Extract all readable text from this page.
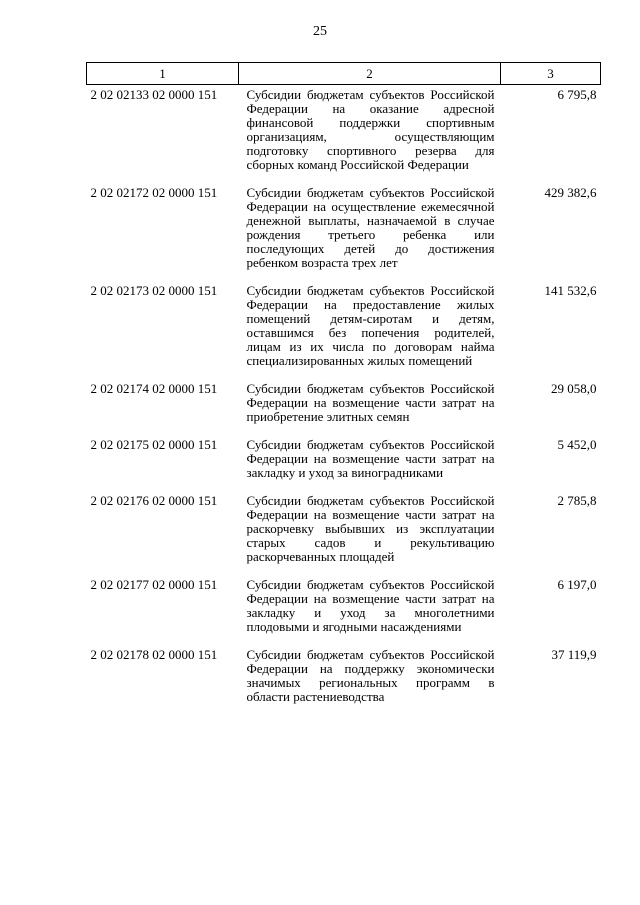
25
1	2	3
2 02 02133 02 0000 151	Субсидии бюджетам субъектов Российской Федерации на оказание адресной финансовой поддержки спортивным организациям, осуществляющим подготовку спортивного резерва для сборных команд Российской Федерации	6 795,8
2 02 02172 02 0000 151	Субсидии бюджетам субъектов Российской Федерации на осуществление ежемесячной денежной выплаты, назначаемой в случае рождения третьего ребенка или последующих детей до достижения ребенком возраста трех лет	429 382,6
2 02 02173 02 0000 151	Субсидии бюджетам субъектов Российской Федерации на предоставление жилых помещений детям-сиротам и детям, оставшимся без попечения родителей, лицам из их числа по договорам найма специализированных жилых помещений	141 532,6
2 02 02174 02 0000 151	Субсидии бюджетам субъектов Российской Федерации на возмещение части затрат на приобретение элитных семян	29 058,0
2 02 02175 02 0000 151	Субсидии бюджетам субъектов Российской Федерации на возмещение части затрат на закладку и уход за виноградниками	5 452,0
2 02 02176 02 0000 151	Субсидии бюджетам субъектов Российской Федерации на возмещение части затрат на раскорчевку выбывших из эксплуатации старых садов и рекультивацию раскорчеванных площадей	2 785,8
2 02 02177 02 0000 151	Субсидии бюджетам субъектов Российской Федерации на возмещение части затрат на закладку и уход за многолетними плодовыми и ягодными насаждениями	6 197,0
2 02 02178 02 0000 151	Субсидии бюджетам субъектов Российской Федерации на поддержку экономически значимых региональных программ в области растениеводства	37 119,9
